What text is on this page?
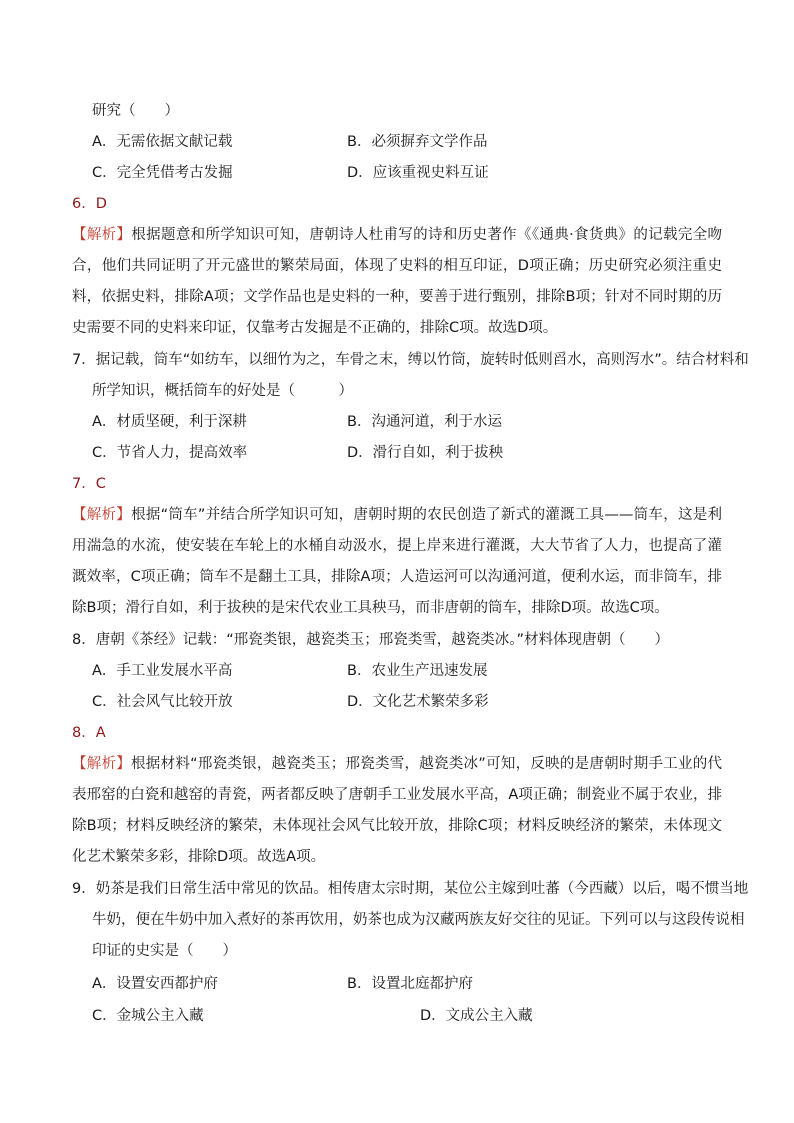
研究（　　）
A．无需依据文献记载	B．必须摒弃文学作品
C．完全凭借考古发掘	D．应该重视史料互证
6．D
【解析】根据题意和所学知识可知，唐朝诗人杜甫写的诗和历史著作《《通典·食货典》的记载完全吻合，他们共同证明了开元盛世的繁荣局面，体现了史料的相互印证，D项正确；历史研究必须注重史料，依据史料，排除A项；文学作品也是史料的一种，要善于进行甄别，排除B项；针对不同时期的历史需要不同的史料来印证，仅靠考古发掘是不正确的，排除C项。故选D项。
7．据记载，筒车“如纺车，以细竹为之，车骨之末，缚以竹筒，旋转时低则舀水，高则泻水”。结合材料和
所学知识，概括筒车的好处是（　　　）
A．材质坚硬，利于深耕	B．沟通河道，利于水运
C．节省人力，提高效率	D．滑行自如，利于拔秧
7．C
【解析】根据“筒车”并结合所学知识可知，唐朝时期的农民创造了新式的灌溉工具——筒车，这是利用湍急的水流，使安装在车轮上的水桶自动汲水，提上岸来进行灌溉，大大节省了人力，也提高了灌溉效率，C项正确；筒车不是翻土工具，排除A项；人造运河可以沟通河道，便利水运，而非筒车，排除B项；滑行自如，利于拔秧的是宋代农业工具秧马，而非唐朝的筒车，排除D项。故选C项。
8．唐朝《茶经》记载：“邢瓷类银，越瓷类玉；邢瓷类雪，越瓷类冰。”材料体现唐朝（　　）
A．手工业发展水平高	B．农业生产迅速发展
C．社会风气比较开放	D．文化艺术繁荣多彩
8．A
【解析】根据材料“邢瓷类银，越瓷类玉；邢瓷类雪，越瓷类冰”可知，反映的是唐朝时期手工业的代表邢窑的白瓷和越窑的青瓷，两者都反映了唐朝手工业发展水平高，A项正确；制瓷业不属于农业，排除B项；材料反映经济的繁荣，未体现社会风气比较开放，排除C项；材料反映经济的繁荣，未体现文化艺术繁荣多彩，排除D项。故选A项。
9．奶茶是我们日常生活中常见的饮品。相传唐太宗时期，某位公主嫁到吐蕃（今西藏）以后，喝不惯当地
牛奶，便在牛奶中加入煮好的茶再饮用，奶茶也成为汉藏两族友好交往的见证。下列可以与这段传说相
印证的史实是（　　）
A．设置安西都护府	B．设置北庭都护府
C．金城公主入藏	D．文成公主入藏
